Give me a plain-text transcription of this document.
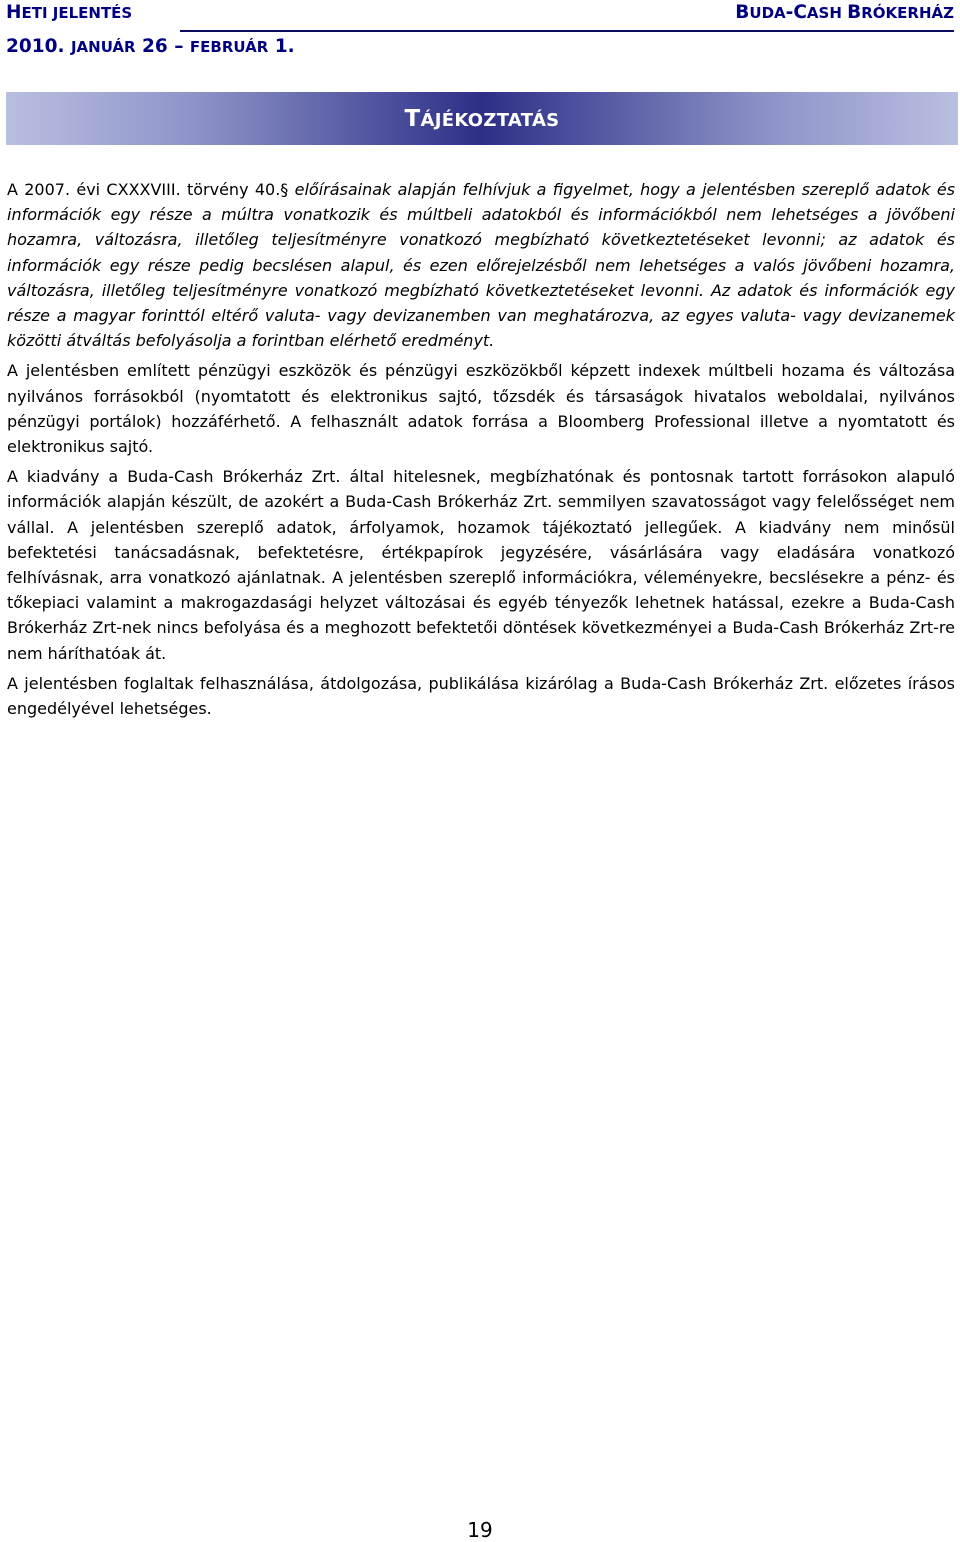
HETI JELENTÉS	BUDA-CASH BRÓKERHÁZ
2010. JANUÁR 26 – FEBRUÁR 1.
TÁJÉKOZTATÁS

A 2007. évi CXXXVIII. törvény 40.§ előírásainak alapján felhívjuk a figyelmet, hogy a jelentésben szereplő adatok és információk egy része a múltra vonatkozik és múltbeli adatokból és információkból nem lehetséges a jövőbeni hozamra, változásra, illetőleg teljesítményre vonatkozó megbízható következtetéseket levonni; az adatok és információk egy része pedig becslésen alapul, és ezen előrejelzésből nem lehetséges a valós jövőbeni hozamra, változásra, illetőleg teljesítményre vonatkozó megbízható következtetéseket levonni. Az adatok és információk egy része a magyar forinttól eltérő valuta- vagy devizanemben van meghatározva, az egyes valuta- vagy devizanemek közötti átváltás befolyásolja a forintban elérhető eredményt.

A jelentésben említett pénzügyi eszközök és pénzügyi eszközökből képzett indexek múltbeli hozama és változása nyilvános forrásokból (nyomtatott és elektronikus sajtó, tőzsdék és társaságok hivatalos weboldalai, nyilvános pénzügyi portálok) hozzáférhető. A felhasznált adatok forrása a Bloomberg Professional illetve a nyomtatott és elektronikus sajtó.

A kiadvány a Buda-Cash Brókerház Zrt. által hitelesnek, megbízhatónak és pontosnak tartott forrásokon alapuló információk alapján készült, de azokért a Buda-Cash Brókerház Zrt. semmilyen szavatosságot vagy felelősséget nem vállal. A jelentésben szereplő adatok, árfolyamok, hozamok tájékoztató jellegűek. A kiadvány nem minősül befektetési tanácsadásnak, befektetésre, értékpapírok jegyzésére, vásárlására vagy eladására vonatkozó felhívásnak, arra vonatkozó ajánlatnak. A jelentésben szereplő információkra, véleményekre, becslésekre a pénz- és tőkepiaci valamint a makrogazdasági helyzet változásai és egyéb tényezők lehetnek hatással, ezekre a Buda-Cash Brókerház Zrt-nek nincs befolyása és a meghozott befektetői döntések következményei a Buda-Cash Brókerház Zrt-re nem háríthatóak át.

A jelentésben foglaltak felhasználása, átdolgozása, publikálása kizárólag a Buda-Cash Brókerház Zrt. előzetes írásos engedélyével lehetséges.

19
